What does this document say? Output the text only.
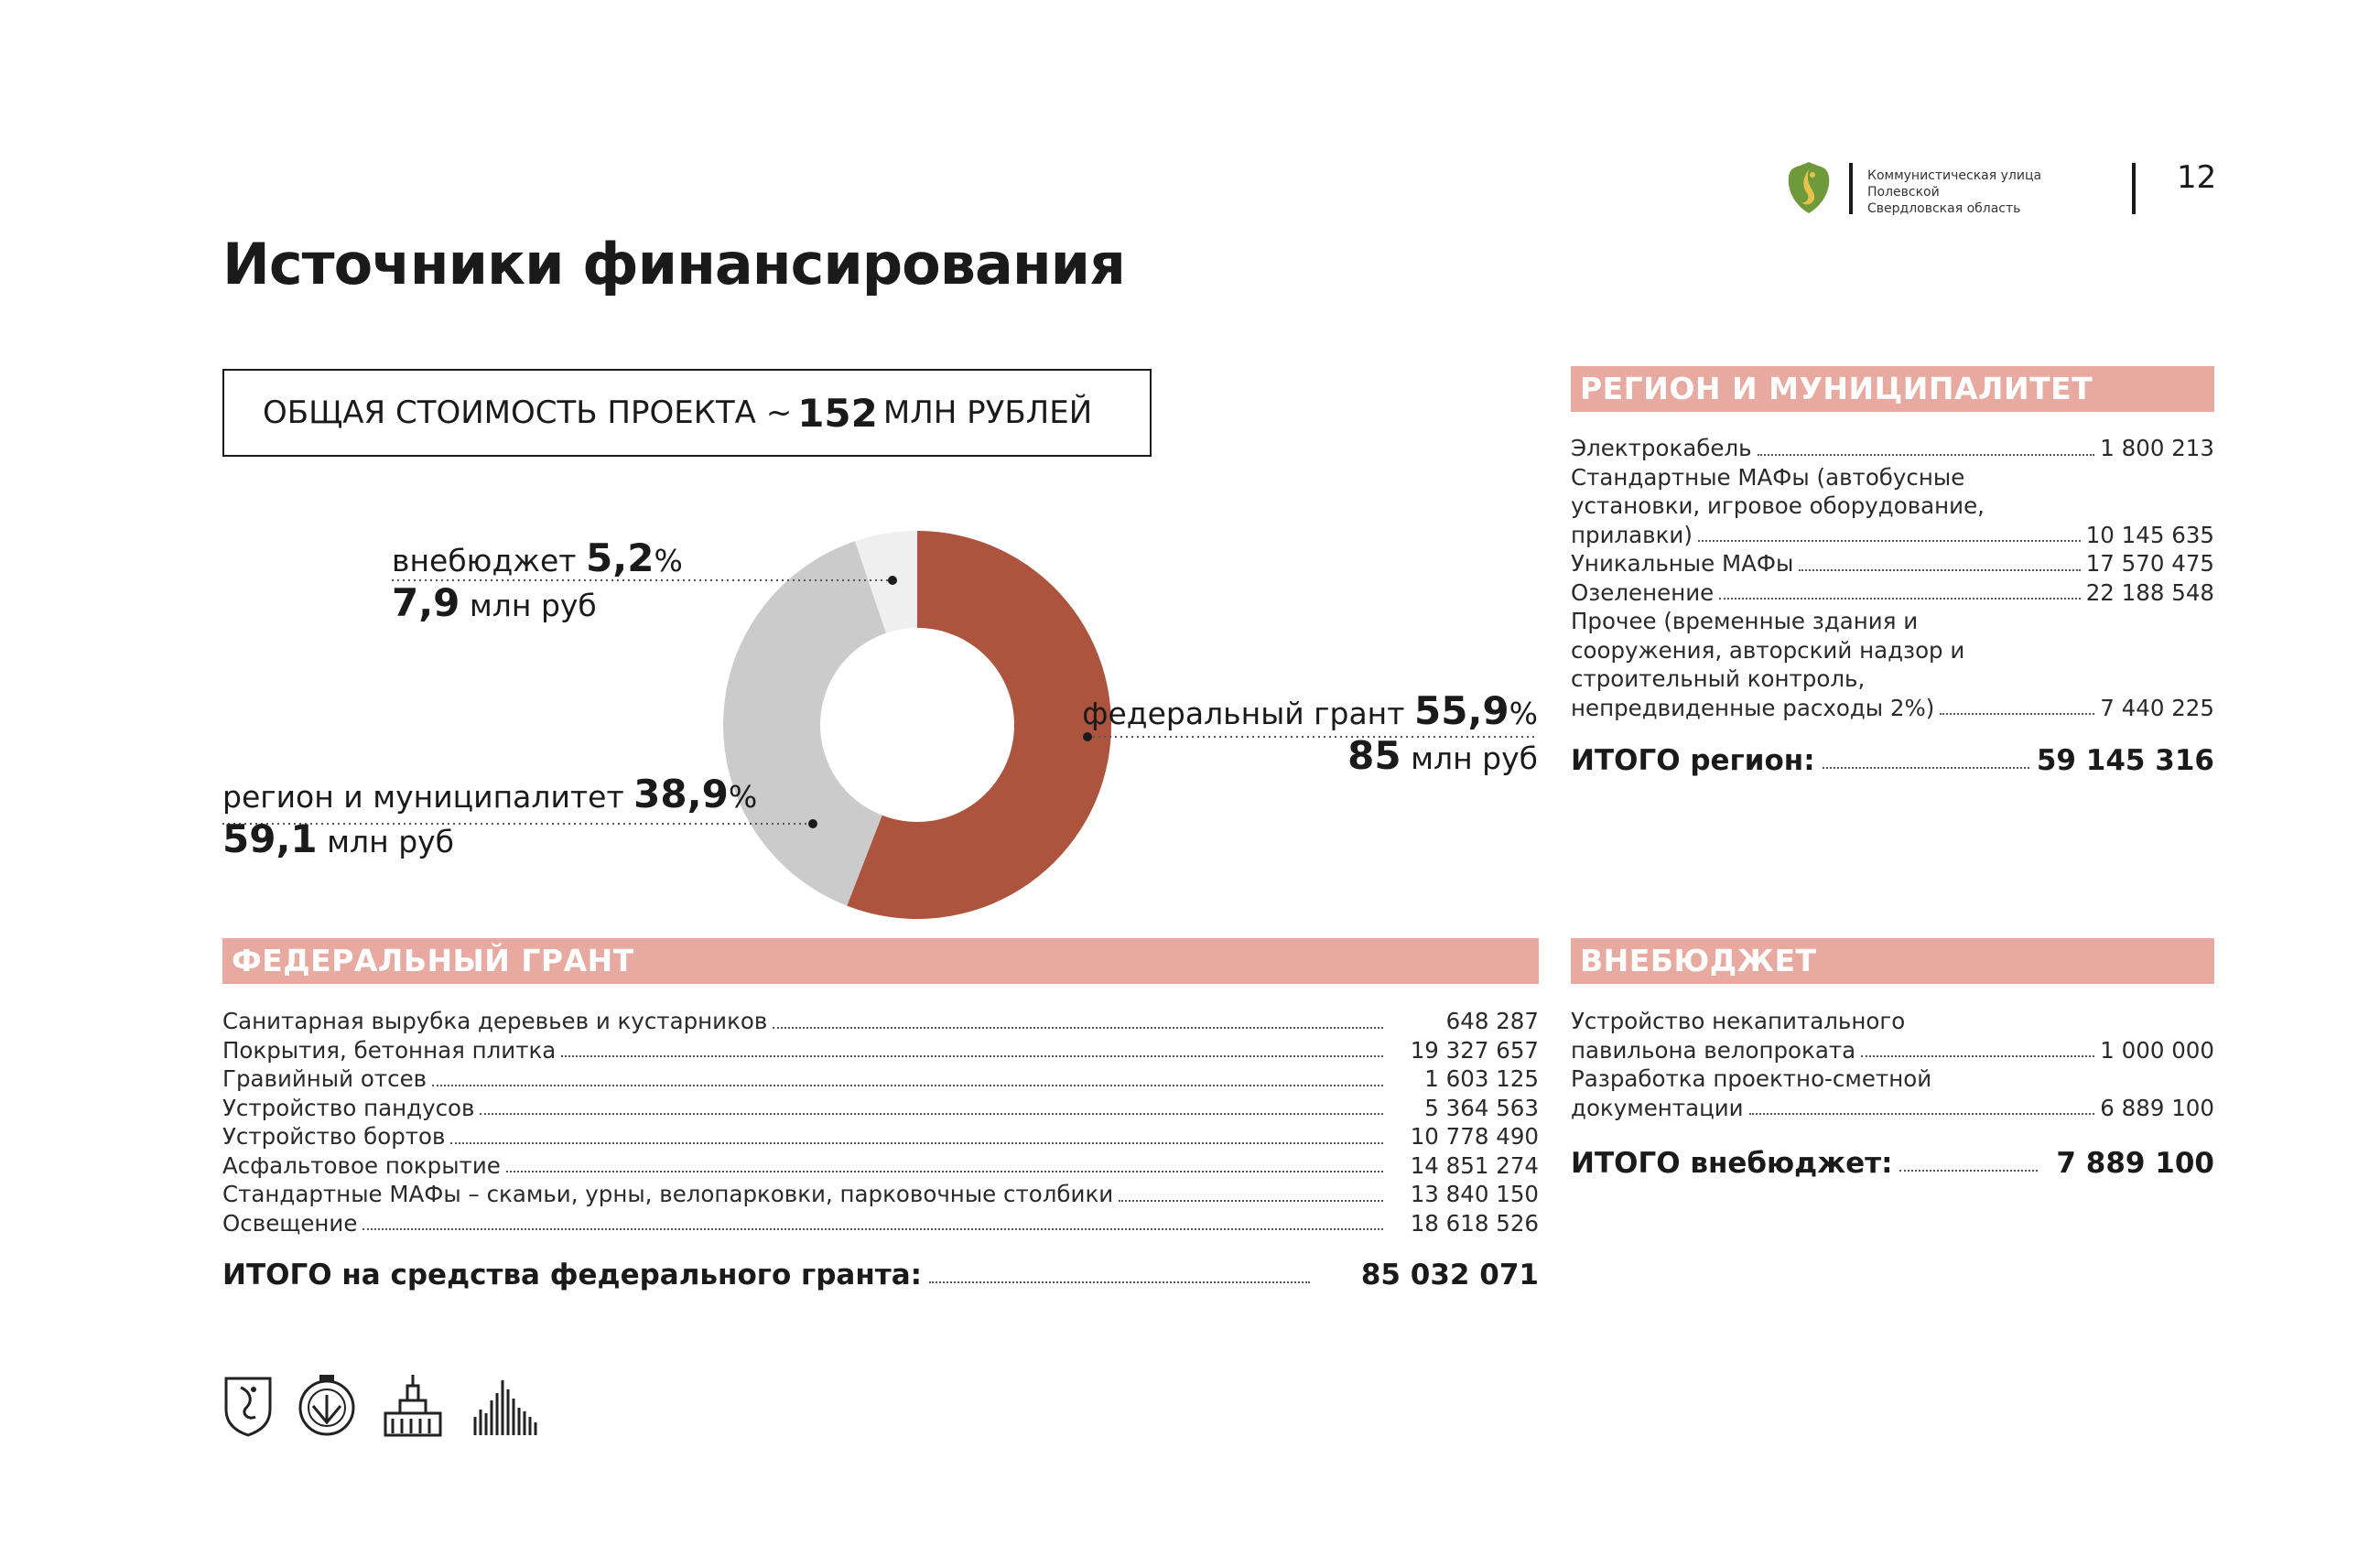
Коммунистическая улица
Полевской
Свердловская область
12
Источники финансирования
ОБЩАЯ СТОИМОСТЬ ПРОЕКТА ~ 152 МЛН РУБЛЕЙ
внебюджет 5,2%
7,9 млн руб
регион и муниципалитет 38,9%
59,1 млн руб
федеральный грант 55,9%
85 млн руб
РЕГИОН И МУНИЦИПАЛИТЕТ
Электрокабель	1 800 213
Стандартные МАФы (автобусные
установки, игровое оборудование,
прилавки)	10 145 635
Уникальные МАФы	17 570 475
Озеленение	22 188 548
Прочее (временные здания и
сооружения, авторский надзор и
строительный контроль,
непредвиденные расходы 2%)	7 440 225
ИТОГО регион:	59 145 316
ФЕДЕРАЛЬНЫЙ ГРАНТ
Санитарная вырубка деревьев и кустарников	648 287
Покрытия, бетонная плитка	19 327 657
Гравийный отсев	1 603 125
Устройство пандусов	5 364 563
Устройство бортов	10 778 490
Асфальтовое покрытие	14 851 274
Стандартные МАФы – скамьи, урны, велопарковки, парковочные столбики	13 840 150
Освещение	18 618 526
ИТОГО на средства федерального гранта:	85 032 071
ВНЕБЮДЖЕТ
Устройство некапитального
павильона велопроката	1 000 000
Разработка проектно-сметной
документации	6 889 100
ИТОГО внебюджет:	7 889 100
